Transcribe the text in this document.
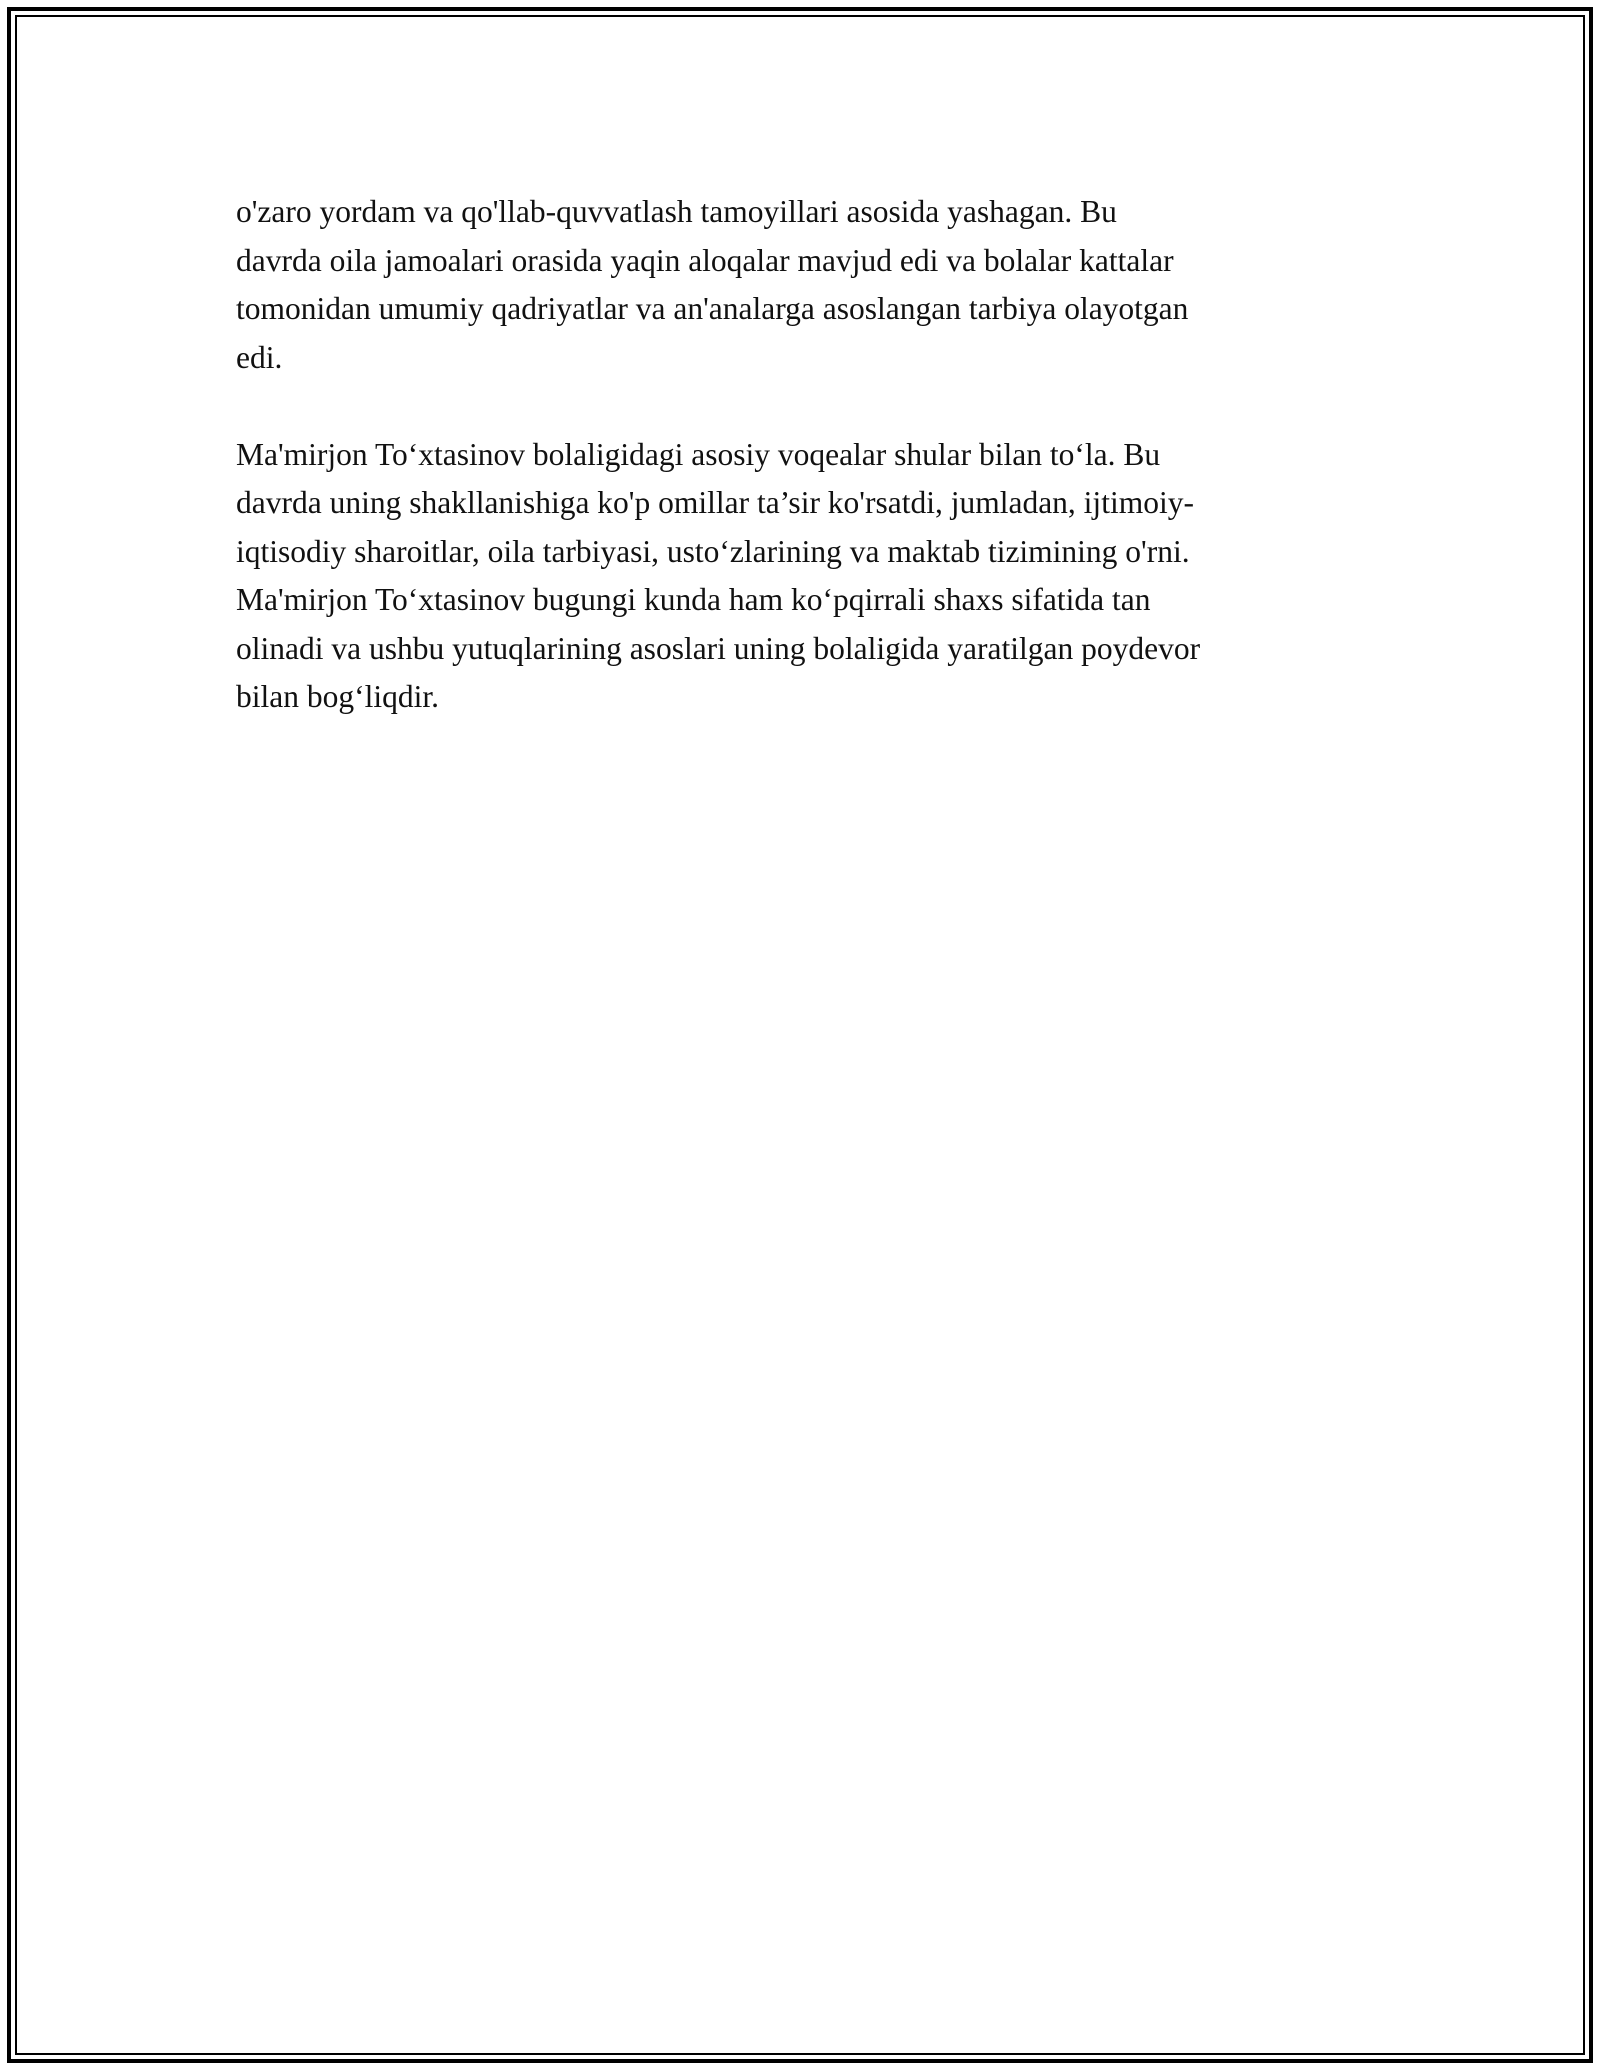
o'zaro yordam va qo'llab-quvvatlash tamoyillari asosida yashagan. Bu
davrda oila jamoalari orasida yaqin aloqalar mavjud edi va bolalar kattalar
tomonidan umumiy qadriyatlar va an'analarga asoslangan tarbiya olayotgan
edi.

Ma'mirjon To‘xtasinov bolaligidagi asosiy voqealar shular bilan to‘la. Bu
davrda uning shakllanishiga ko'p omillar ta’sir ko'rsatdi, jumladan, ijtimoiy-
iqtisodiy sharoitlar, oila tarbiyasi, usto‘zlarining va maktab tizimining o'rni.
Ma'mirjon To‘xtasinov bugungi kunda ham ko‘pqirrali shaxs sifatida tan
olinadi va ushbu yutuqlarining asoslari uning bolaligida yaratilgan poydevor
bilan bog‘liqdir.
